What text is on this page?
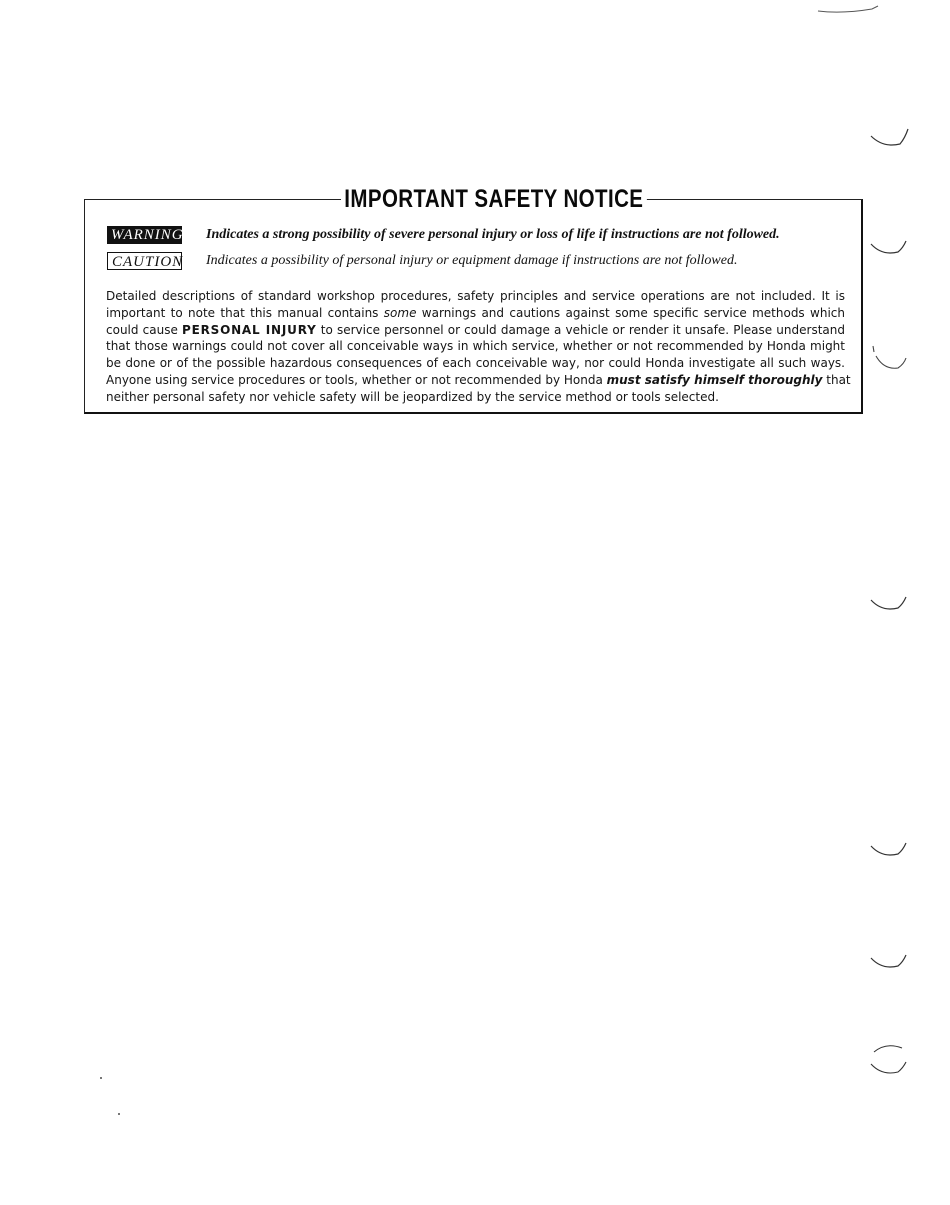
IMPORTANT SAFETY NOTICE
WARNING Indicates a strong possibility of severe personal injury or loss of life if instructions are not followed.
CAUTION Indicates a possibility of personal injury or equipment damage if instructions are not followed.
Detailed descriptions of standard workshop procedures, safety principles and service operations are not included. It is
important to note that this manual contains some warnings and cautions against some specific service methods which
could cause PERSONAL INJURY to service personnel or could damage a vehicle or render it unsafe. Please understand
that those warnings could not cover all conceivable ways in which service, whether or not recommended by Honda might
be done or of the possible hazardous consequences of each conceivable way, nor could Honda investigate all such ways.
Anyone using service procedures or tools, whether or not recommended by Honda must satisfy himself thoroughly that
neither personal safety nor vehicle safety will be jeopardized by the service method or tools selected.
